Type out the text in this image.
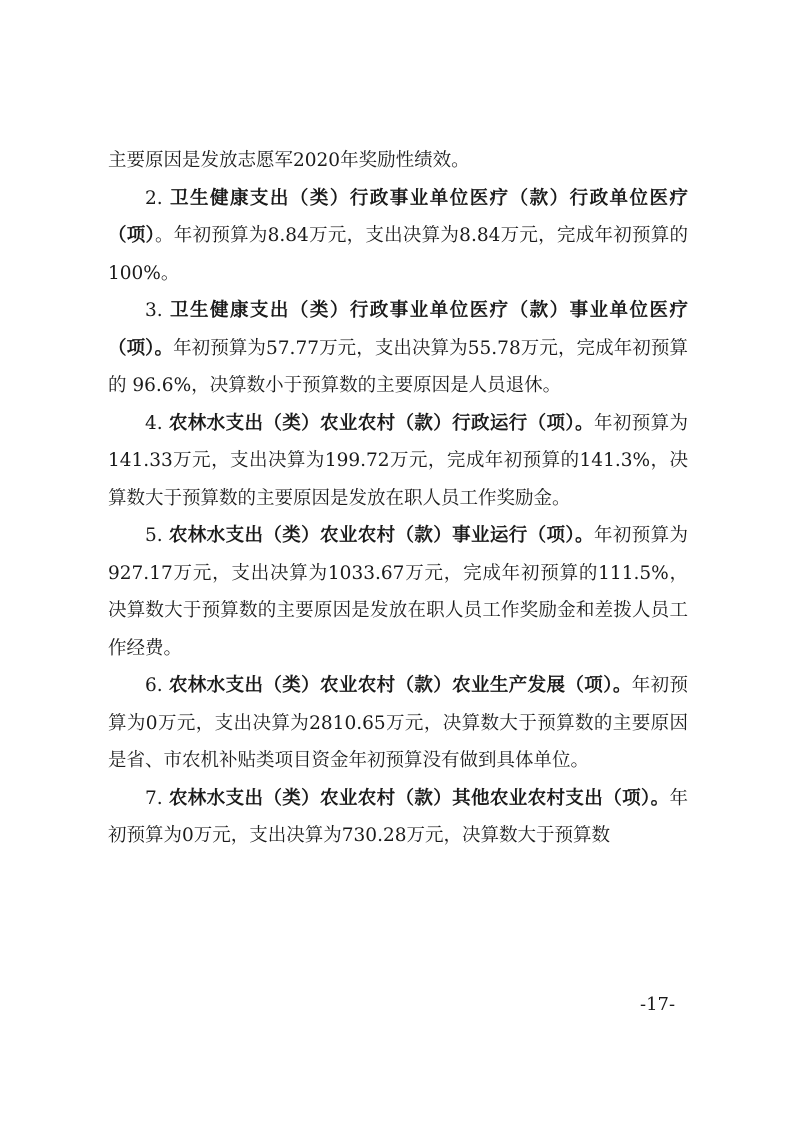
主要原因是发放志愿军2020年奖励性绩效。

2. 卫生健康支出（类）行政事业单位医疗（款）行政单位医疗（项）。年初预算为8.84万元，支出决算为8.84万元，完成年初预算的100%。

3. 卫生健康支出（类）行政事业单位医疗（款）事业单位医疗（项）。年初预算为57.77万元，支出决算为55.78万元，完成年初预算的 96.6%，决算数小于预算数的主要原因是人员退休。

4. 农林水支出（类）农业农村（款）行政运行（项）。年初预算为141.33万元，支出决算为199.72万元，完成年初预算的141.3%，决算数大于预算数的主要原因是发放在职人员工作奖励金。

5. 农林水支出（类）农业农村（款）事业运行（项）。年初预算为927.17万元，支出决算为1033.67万元，完成年初预算的111.5%，决算数大于预算数的主要原因是发放在职人员工作奖励金和差拨人员工作经费。

6. 农林水支出（类）农业农村（款）农业生产发展（项）。年初预算为0万元，支出决算为2810.65万元，决算数大于预算数的主要原因是省、市农机补贴类项目资金年初预算没有做到具体单位。

7. 农林水支出（类）农业农村（款）其他农业农村支出（项）。年初预算为0万元，支出决算为730.28万元，决算数大于预算数

-17-
